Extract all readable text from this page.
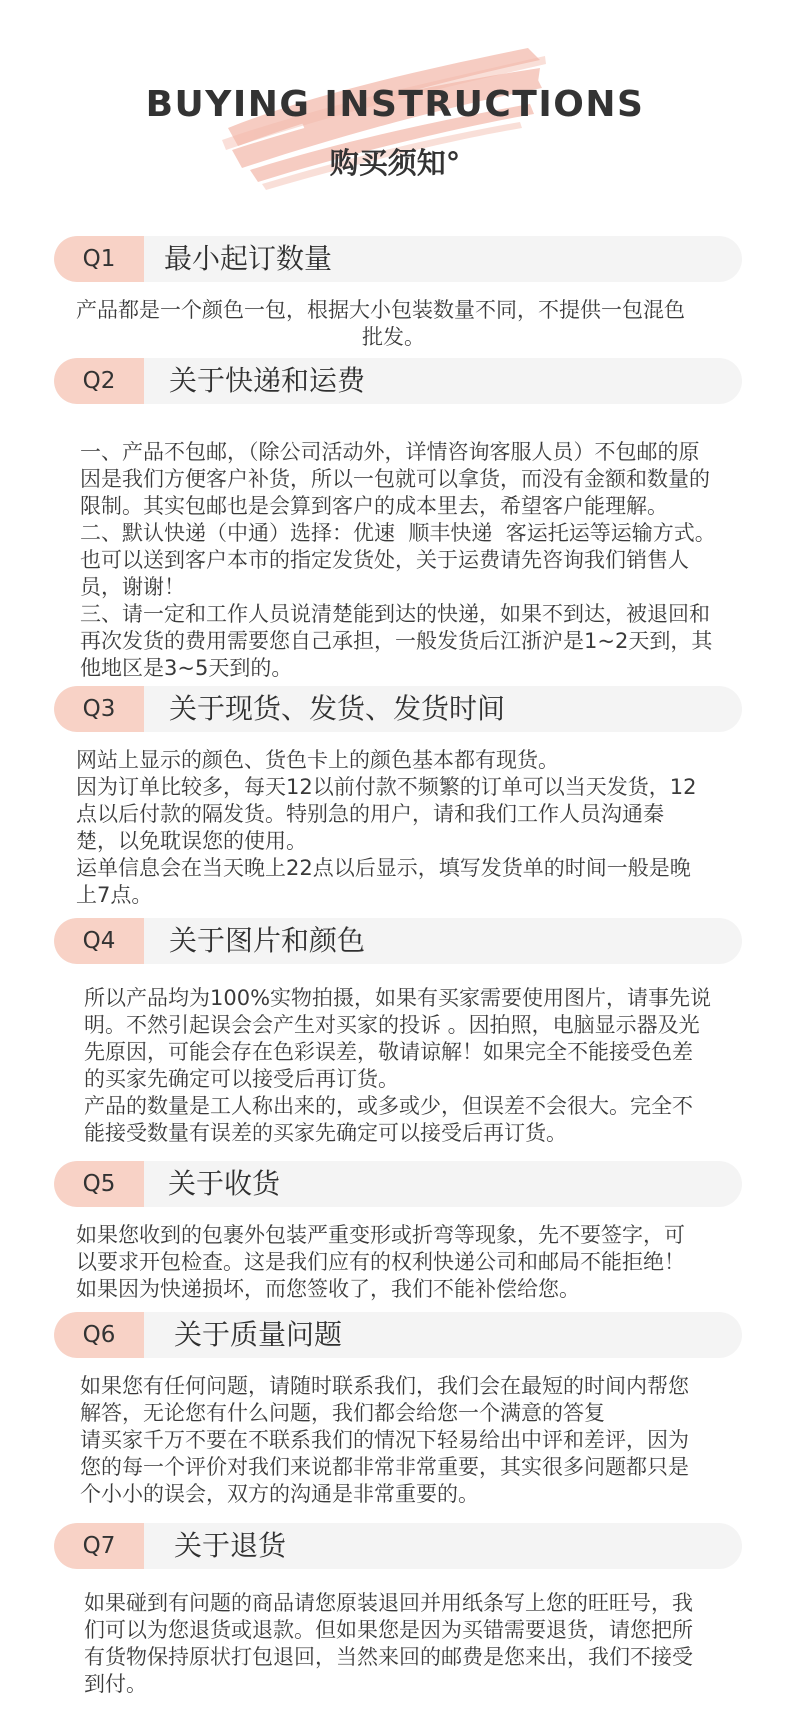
BUYING INSTRUCTIONS
购买须知°
Q1	最小起订数量

产品都是一个颜色一包，根据大小包装数量不同，不提供一包混色

批发。

Q2	关于快递和运费

一、产品不包邮，（除公司活动外，详情咨询客服人员）不包邮的原

因是我们方便客户补货，所以一包就可以拿货，而没有金额和数量的

限制。其实包邮也是会算到客户的成本里去，希望客户能理解。

二、默认快递（中通）选择：优速  顺丰快递  客运托运等运输方式。

也可以送到客户本市的指定发货处，关于运费请先咨询我们销售人

员，谢谢！

三、请一定和工作人员说清楚能到达的快递，如果不到达，被退回和

再次发货的费用需要您自己承担，一般发货后江浙沪是1~2天到，其

他地区是3~5天到的。

Q3	关于现货、发货、发货时间

网站上显示的颜色、货色卡上的颜色基本都有现货。

因为订单比较多，每天12以前付款不频繁的订单可以当天发货，12

点以后付款的隔发货。特别急的用户，请和我们工作人员沟通秦

楚，以免耽误您的使用。

运单信息会在当天晚上22点以后显示，填写发货单的时间一般是晚

上7点。

Q4	关于图片和颜色

所以产品均为100%实物拍摄，如果有买家需要使用图片，请事先说

明。不然引起误会会产生对买家的投诉 。因拍照，电脑显示器及光

先原因，可能会存在色彩误差，敬请谅解！如果完全不能接受色差

的买家先确定可以接受后再订货。

产品的数量是工人称出来的，或多或少，但误差不会很大。完全不

能接受数量有误差的买家先确定可以接受后再订货。

Q5	关于收货

如果您收到的包裹外包装严重变形或折弯等现象，先不要签字，可

以要求开包检查。这是我们应有的权利快递公司和邮局不能拒绝！

如果因为快递损坏，而您签收了，我们不能补偿给您。

Q6	关于质量问题

如果您有任何问题，请随时联系我们，我们会在最短的时间内帮您

解答，无论您有什么问题，我们都会给您一个满意的答复

请买家千万不要在不联系我们的情况下轻易给出中评和差评，因为

您的每一个评价对我们来说都非常非常重要，其实很多问题都只是

个小小的误会，双方的沟通是非常重要的。

Q7	关于退货

如果碰到有问题的商品请您原装退回并用纸条写上您的旺旺号，我

们可以为您退货或退款。但如果您是因为买错需要退货，请您把所

有货物保持原状打包退回，当然来回的邮费是您来出，我们不接受

到付。
